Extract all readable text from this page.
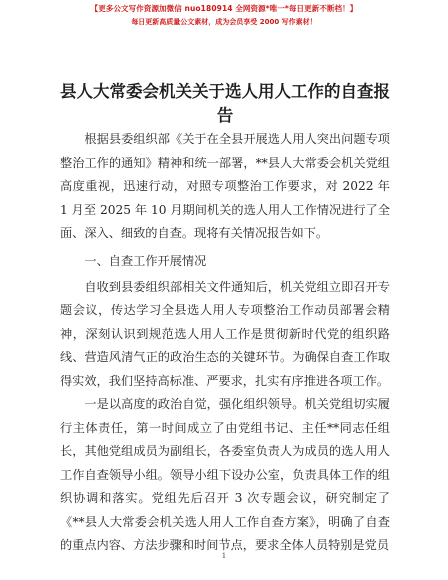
【更多公文写作资源加微信 nuo180914 全网资源*唯一*每日更新不断档！】
每日更新高质量公文素材，成为会员享受 2000 写作素材！
县人大常委会机关关于选人用人工作的自查报告

根据县委组织部《关于在全县开展选人用人突出问题专项整治工作的通知》精神和统一部署，**县人大常委会机关党组高度重视，迅速行动，对照专项整治工作要求，对 2022 年 1 月至 2025 年 10 月期间机关的选人用人工作情况进行了全面、深入、细致的自查。现将有关情况报告如下。

一、自查工作开展情况

自收到县委组织部相关文件通知后，机关党组立即召开专题会议，传达学习全县选人用人专项整治工作动员部署会精神，深刻认识到规范选人用人工作是贯彻新时代党的组织路线、营造风清气正的政治生态的关键环节。为确保自查工作取得实效，我们坚持高标准、严要求，扎实有序推进各项工作。

一是以高度的政治自觉，强化组织领导。机关党组切实履行主体责任，第一时间成立了由党组书记、主任**同志任组长，其他党组成员为副组长，各委室负责人为成员的选人用人工作自查领导小组。领导小组下设办公室，负责具体工作的组织协调和落实。党组先后召开 3 次专题会议，研究制定了《**县人大常委会机关选人用人工作自查方案》，明确了自查的重点内容、方法步骤和时间节点，要求全体人员特别是党员

1
